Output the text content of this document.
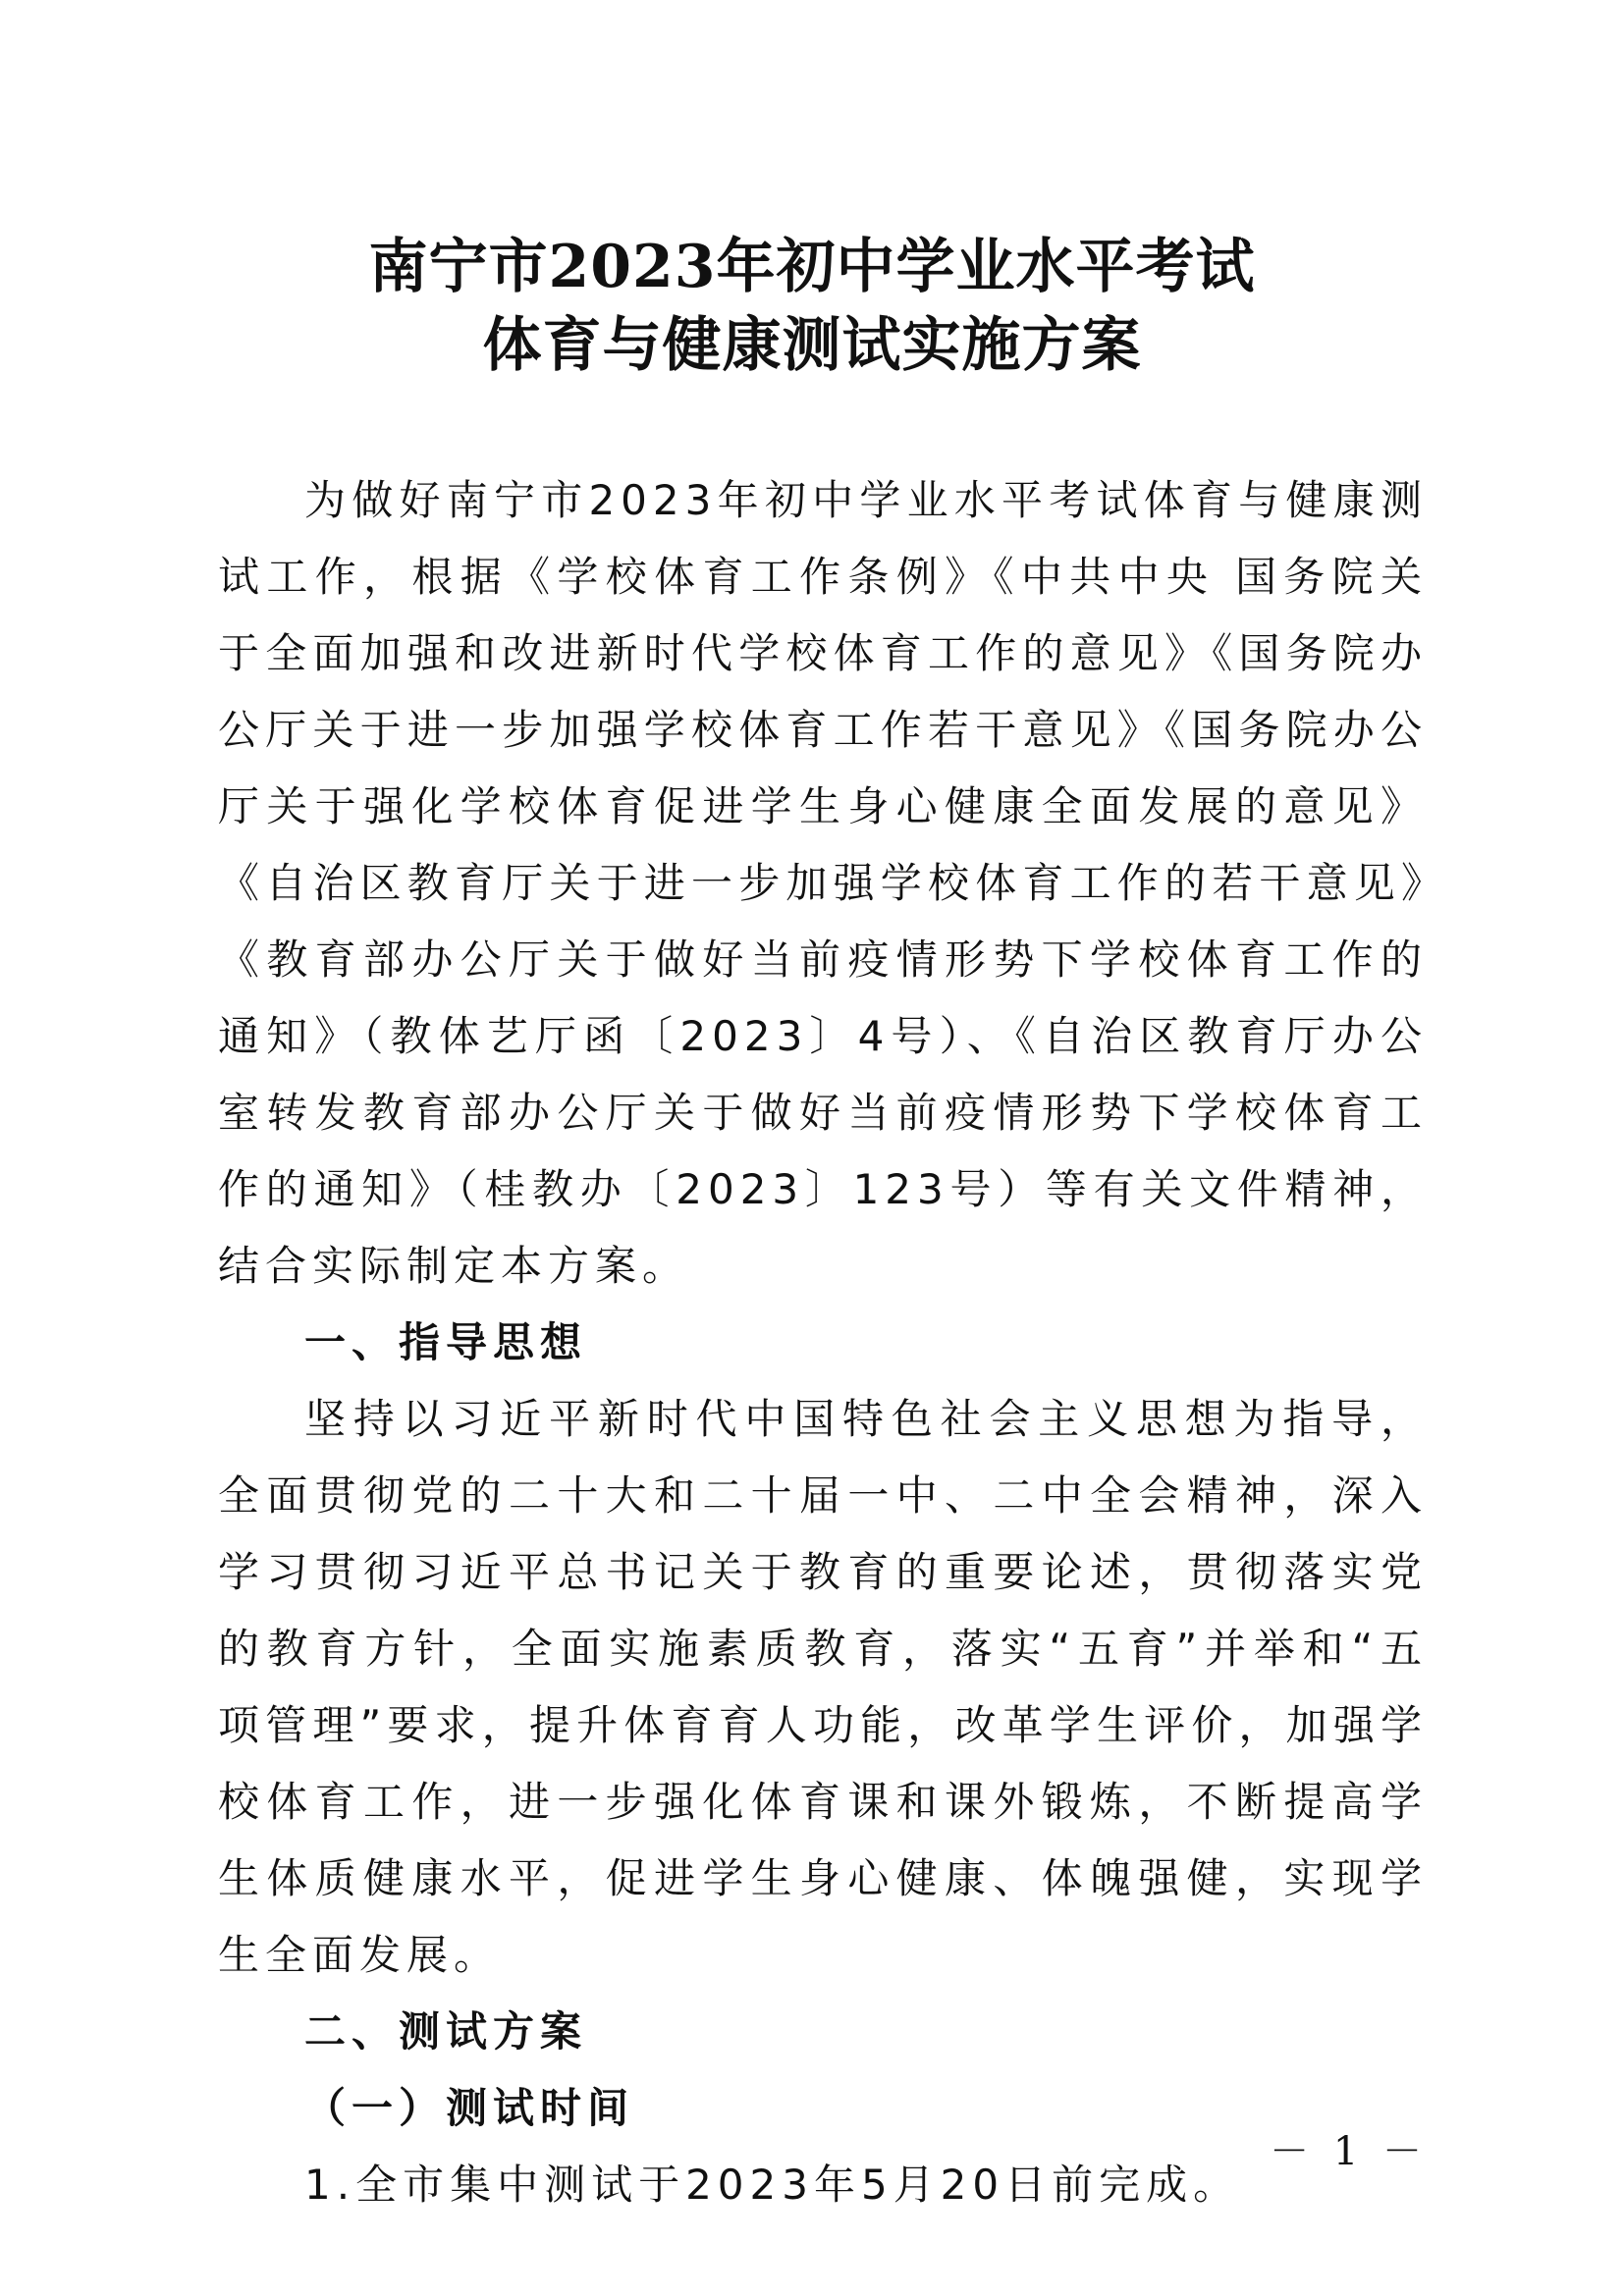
南宁市2023年初中学业水平考试
体育与健康测试实施方案

为做好南宁市2023年初中学业水平考试体育与健康测试工作，根据《学校体育工作条例》《中共中央 国务院关于全面加强和改进新时代学校体育工作的意见》《国务院办公厅关于进一步加强学校体育工作若干意见》《国务院办公厅关于强化学校体育促进学生身心健康全面发展的意见》《自治区教育厅关于进一步加强学校体育工作的若干意见》《教育部办公厅关于做好当前疫情形势下学校体育工作的通知》（教体艺厅函〔2023〕4号）、《自治区教育厅办公室转发教育部办公厅关于做好当前疫情形势下学校体育工作的通知》（桂教办〔2023〕123号）等有关文件精神，结合实际制定本方案。

一、指导思想

坚持以习近平新时代中国特色社会主义思想为指导，全面贯彻党的二十大和二十届一中、二中全会精神，深入学习贯彻习近平总书记关于教育的重要论述，贯彻落实党的教育方针，全面实施素质教育，落实“五育”并举和“五项管理”要求，提升体育育人功能，改革学生评价，加强学校体育工作，进一步强化体育课和课外锻炼，不断提高学生体质健康水平，促进学生身心健康、体魄强健，实现学生全面发展。

二、测试方案

（一）测试时间

1.全市集中测试于2023年5月20日前完成。

－ 1 －
